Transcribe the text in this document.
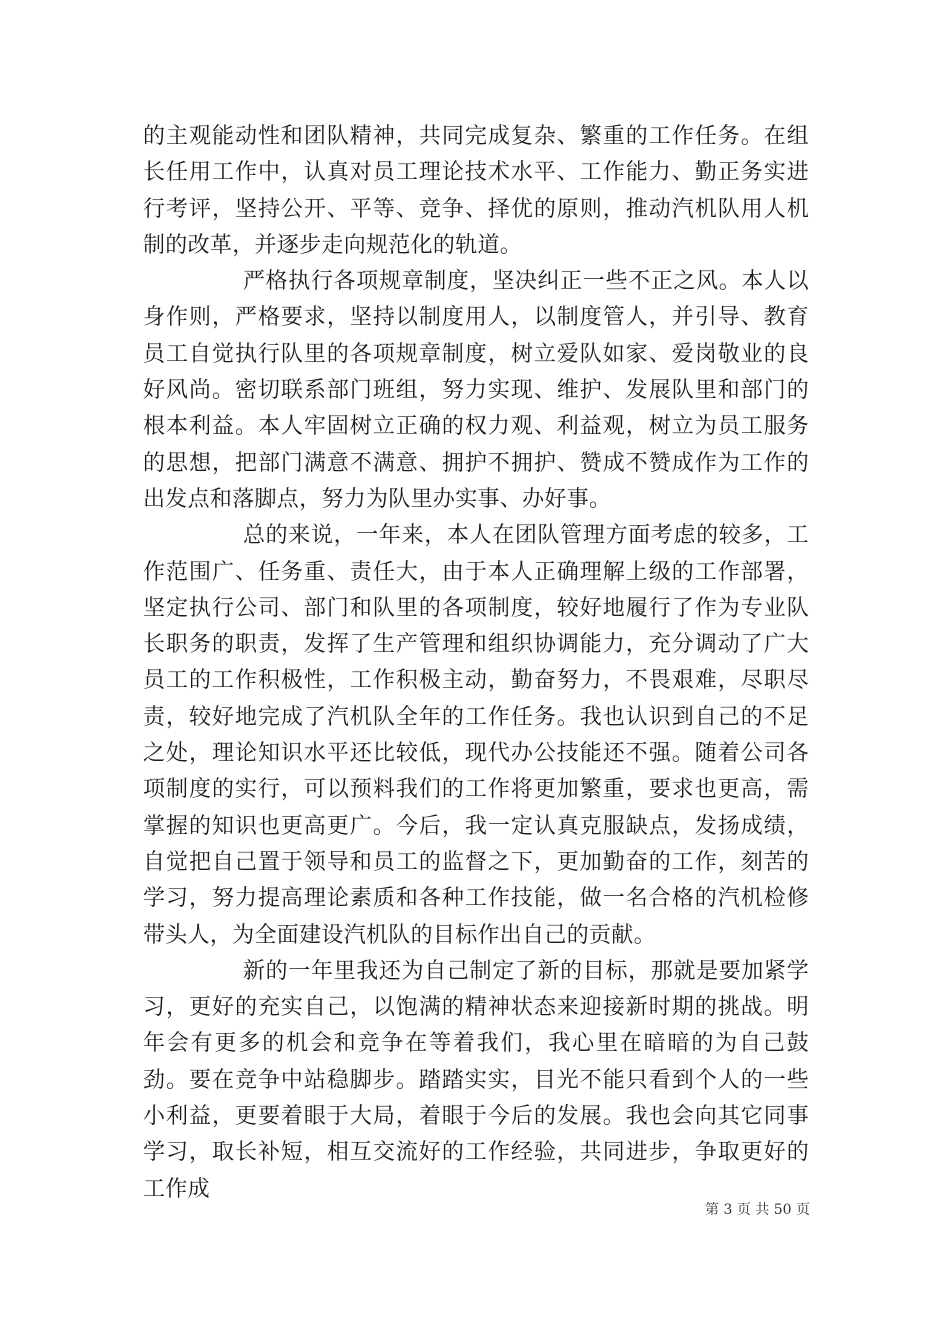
的主观能动性和团队精神，共同完成复杂、繁重的工作任务。在组长任用工作中，认真对员工理论技术水平、工作能力、勤正务实进行考评，坚持公开、平等、竞争、择优的原则，推动汽机队用人机制的改革，并逐步走向规范化的轨道。

严格执行各项规章制度，坚决纠正一些不正之风。本人以身作则，严格要求，坚持以制度用人，以制度管人，并引导、教育员工自觉执行队里的各项规章制度，树立爱队如家、爱岗敬业的良好风尚。密切联系部门班组，努力实现、维护、发展队里和部门的根本利益。本人牢固树立正确的权力观、利益观，树立为员工服务的思想，把部门满意不满意、拥护不拥护、赞成不赞成作为工作的出发点和落脚点，努力为队里办实事、办好事。

总的来说，一年来，本人在团队管理方面考虑的较多，工作范围广、任务重、责任大，由于本人正确理解上级的工作部署，坚定执行公司、部门和队里的各项制度，较好地履行了作为专业队长职务的职责，发挥了生产管理和组织协调能力，充分调动了广大员工的工作积极性，工作积极主动，勤奋努力，不畏艰难，尽职尽责，较好地完成了汽机队全年的工作任务。我也认识到自己的不足之处，理论知识水平还比较低，现代办公技能还不强。随着公司各项制度的实行，可以预料我们的工作将更加繁重，要求也更高，需掌握的知识也更高更广。今后，我一定认真克服缺点，发扬成绩，自觉把自己置于领导和员工的监督之下，更加勤奋的工作，刻苦的学习，努力提高理论素质和各种工作技能，做一名合格的汽机检修带头人，为全面建设汽机队的目标作出自己的贡献。

新的一年里我还为自己制定了新的目标，那就是要加紧学习，更好的充实自己，以饱满的精神状态来迎接新时期的挑战。明年会有更多的机会和竞争在等着我们，我心里在暗暗的为自己鼓劲。要在竞争中站稳脚步。踏踏实实，目光不能只看到个人的一些小利益，更要着眼于大局，着眼于今后的发展。我也会向其它同事学习，取长补短，相互交流好的工作经验，共同进步，争取更好的工作成

第 3 页 共 50 页
